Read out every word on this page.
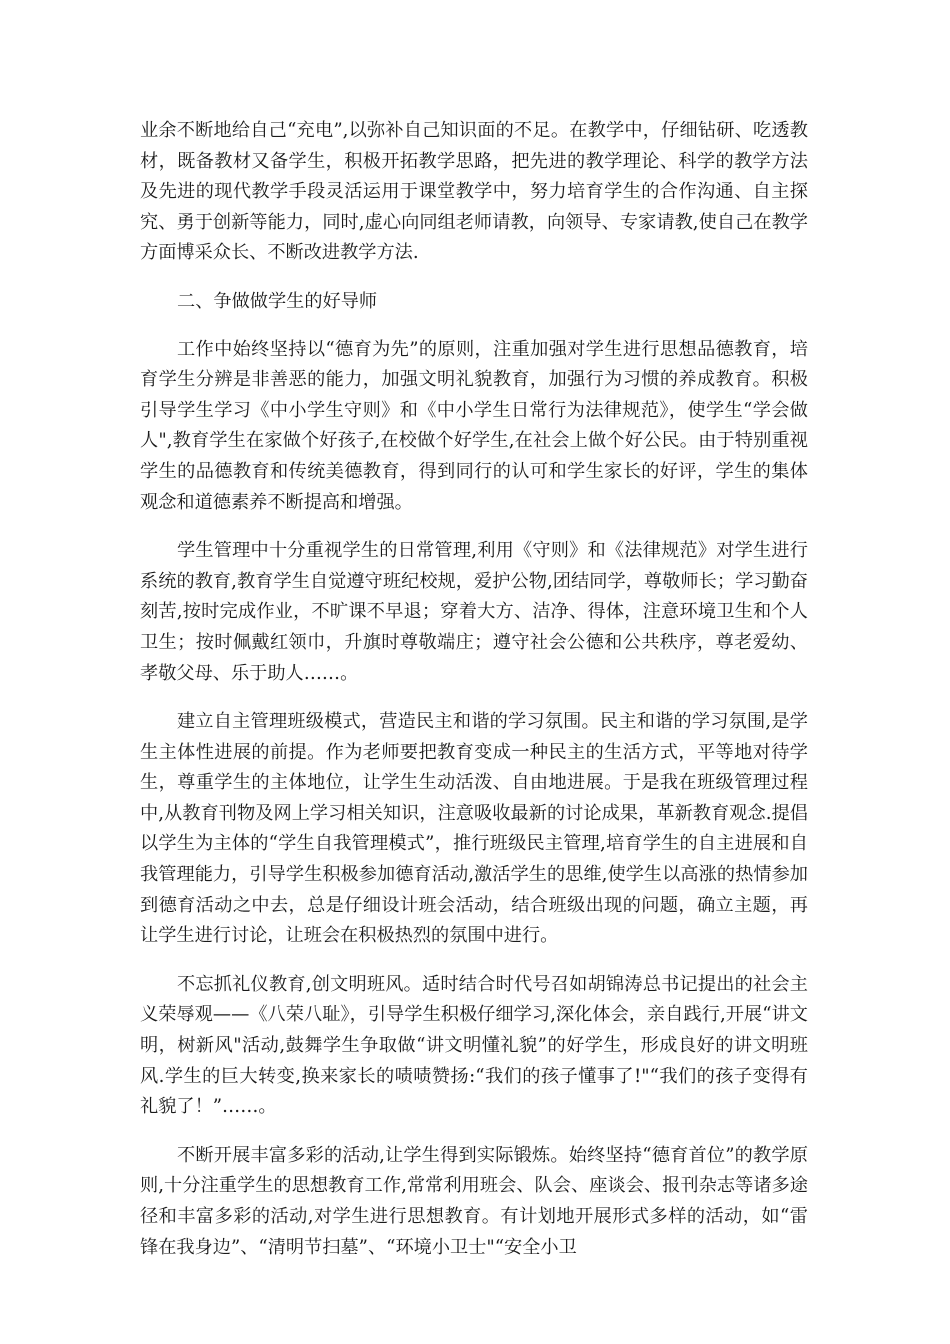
业余不断地给自己“充电”,以弥补自己知识面的不足。在教学中，仔细钻研、吃透教材，既备教材又备学生，积极开拓教学思路，把先进的教学理论、科学的教学方法及先进的现代教学手段灵活运用于课堂教学中，努力培育学生的合作沟通、自主探究、勇于创新等能力，同时,虚心向同组老师请教，向领导、专家请教,使自己在教学方面博采众长、不断改进教学方法.

二、争做做学生的好导师

工作中始终坚持以“德育为先”的原则，注重加强对学生进行思想品德教育，培育学生分辨是非善恶的能力，加强文明礼貌教育，加强行为习惯的养成教育。积极引导学生学习《中小学生守则》和《中小学生日常行为法律规范》，使学生“学会做人",教育学生在家做个好孩子,在校做个好学生,在社会上做个好公民。由于特别重视学生的品德教育和传统美德教育，得到同行的认可和学生家长的好评，学生的集体观念和道德素养不断提高和增强。

学生管理中十分重视学生的日常管理,利用《守则》和《法律规范》对学生进行系统的教育,教育学生自觉遵守班纪校规，爱护公物,团结同学，尊敬师长；学习勤奋刻苦,按时完成作业，不旷课不早退；穿着大方、洁净、得体，注意环境卫生和个人卫生；按时佩戴红领巾，升旗时尊敬端庄；遵守社会公德和公共秩序，尊老爱幼、孝敬父母、乐于助人……。

建立自主管理班级模式，营造民主和谐的学习氛围。民主和谐的学习氛围,是学生主体性进展的前提。作为老师要把教育变成一种民主的生活方式，平等地对待学生，尊重学生的主体地位，让学生生动活泼、自由地进展。于是我在班级管理过程中,从教育刊物及网上学习相关知识，注意吸收最新的讨论成果，革新教育观念.提倡以学生为主体的“学生自我管理模式”，推行班级民主管理,培育学生的自主进展和自我管理能力，引导学生积极参加德育活动,激活学生的思维,使学生以高涨的热情参加到德育活动之中去，总是仔细设计班会活动，结合班级出现的问题，确立主题，再让学生进行讨论，让班会在积极热烈的氛围中进行。

不忘抓礼仪教育,创文明班风。适时结合时代号召如胡锦涛总书记提出的社会主义荣辱观——《八荣八耻》，引导学生积极仔细学习,深化体会，亲自践行,开展“讲文明，树新风"活动,鼓舞学生争取做“讲文明懂礼貌”的好学生，形成良好的讲文明班风.学生的巨大转变,换来家长的啧啧赞扬:“我们的孩子懂事了!"“我们的孩子变得有礼貌了！”……。

不断开展丰富多彩的活动,让学生得到实际锻炼。始终坚持“德育首位”的教学原则,十分注重学生的思想教育工作,常常利用班会、队会、座谈会、报刊杂志等诸多途径和丰富多彩的活动,对学生进行思想教育。有计划地开展形式多样的活动，如“雷锋在我身边”、“清明节扫墓”、“环境小卫士"“安全小卫
